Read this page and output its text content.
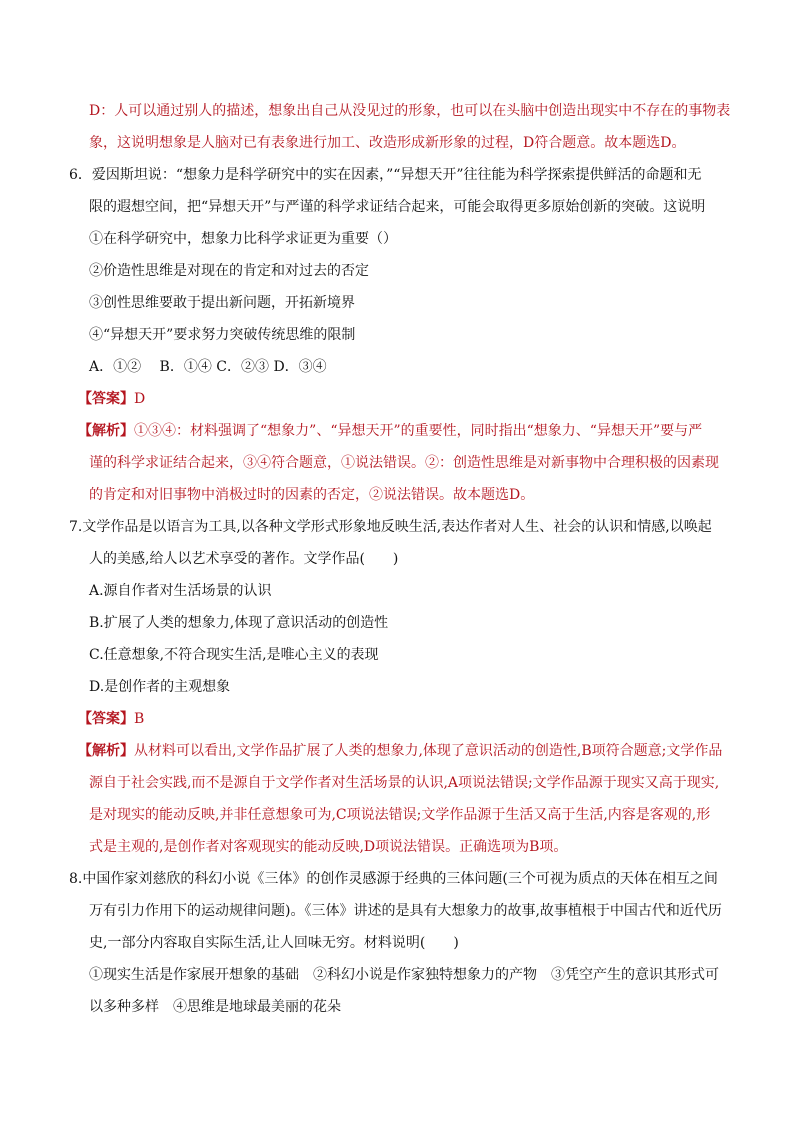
D：人可以通过别人的描述，想象出自己从没见过的形象，也可以在头脑中创造出现实中不存在的事物表
象，这说明想象是人脑对已有表象进行加工、改造形成新形象的过程，D符合题意。故本题选D。
6．爱因斯坦说：“想象力是科学研究中的实在因素，”“异想天开”往往能为科学探索提供鲜活的命题和无
限的遐想空间，把“异想天开”与严谨的科学求证结合起来，可能会取得更多原始创新的突破。这说明
①在科学研究中，想象力比科学求证更为重要（）
②价造性思维是对现在的肯定和对过去的否定
③创性思维要敢于提出新问题，开拓新境界
④“异想天开”要求努力突破传统思维的限制
A．①②　 B．①④ C．②③ D．③④
【答案】D
【解析】①③④：材料强调了“想象力”、“异想天开”的重要性，同时指出“想象力、“异想天开”要与严
谨的科学求证结合起来，③④符合题意，①说法错误。②：创造性思维是对新事物中合理积极的因素现
的肯定和对旧事物中消极过时的因素的否定，②说法错误。故本题选D。
7.文学作品是以语言为工具,以各种文学形式形象地反映生活,表达作者对人生、社会的认识和情感,以唤起
人的美感,给人以艺术享受的著作。文学作品(　　)
A.源自作者对生活场景的认识
B.扩展了人类的想象力,体现了意识活动的创造性
C.任意想象,不符合现实生活,是唯心主义的表现
D.是创作者的主观想象
【答案】B
【解析】从材料可以看出,文学作品扩展了人类的想象力,体现了意识活动的创造性,B项符合题意;文学作品
源自于社会实践,而不是源自于文学作者对生活场景的认识,A项说法错误;文学作品源于现实又高于现实,
是对现实的能动反映,并非任意想象可为,C项说法错误;文学作品源于生活又高于生活,内容是客观的,形
式是主观的,是创作者对客观现实的能动反映,D项说法错误。正确选项为B项。
8.中国作家刘慈欣的科幻小说《三体》的创作灵感源于经典的三体问题(三个可视为质点的天体在相互之间
万有引力作用下的运动规律问题)。《三体》讲述的是具有大想象力的故事,故事植根于中国古代和近代历
史,一部分内容取自实际生活,让人回味无穷。材料说明(　　)
①现实生活是作家展开想象的基础　②科幻小说是作家独特想象力的产物　③凭空产生的意识其形式可
以多种多样　④思维是地球最美丽的花朵
